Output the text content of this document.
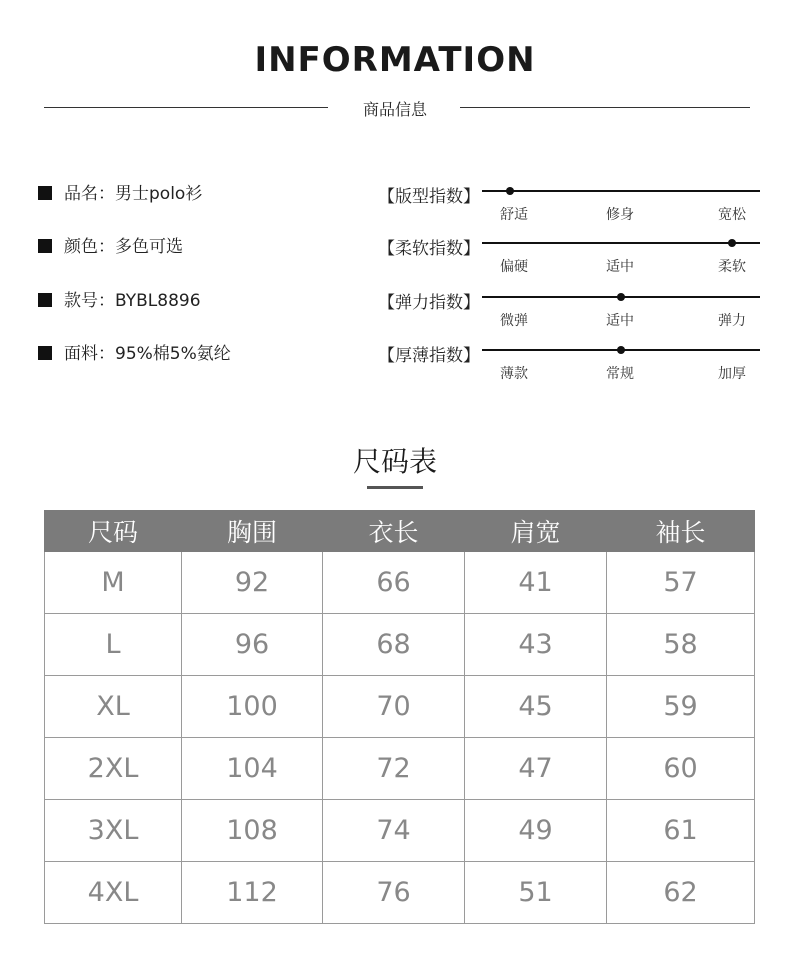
INFORMATION
商品信息
品名：男士polo衫
颜色：多色可选
款号：BYBL8896
面料：95%棉5%氨纶
【版型指数】
舒适	修身	宽松
【柔软指数】
偏硬	适中	柔软
【弹力指数】
微弹	适中	弹力
【厚薄指数】
薄款	常规	加厚
尺码表
尺码	胸围	衣长	肩宽	袖长
M	92	66	41	57
L	96	68	43	58
XL	100	70	45	59
2XL	104	72	47	60
3XL	108	74	49	61
4XL	112	76	51	62
